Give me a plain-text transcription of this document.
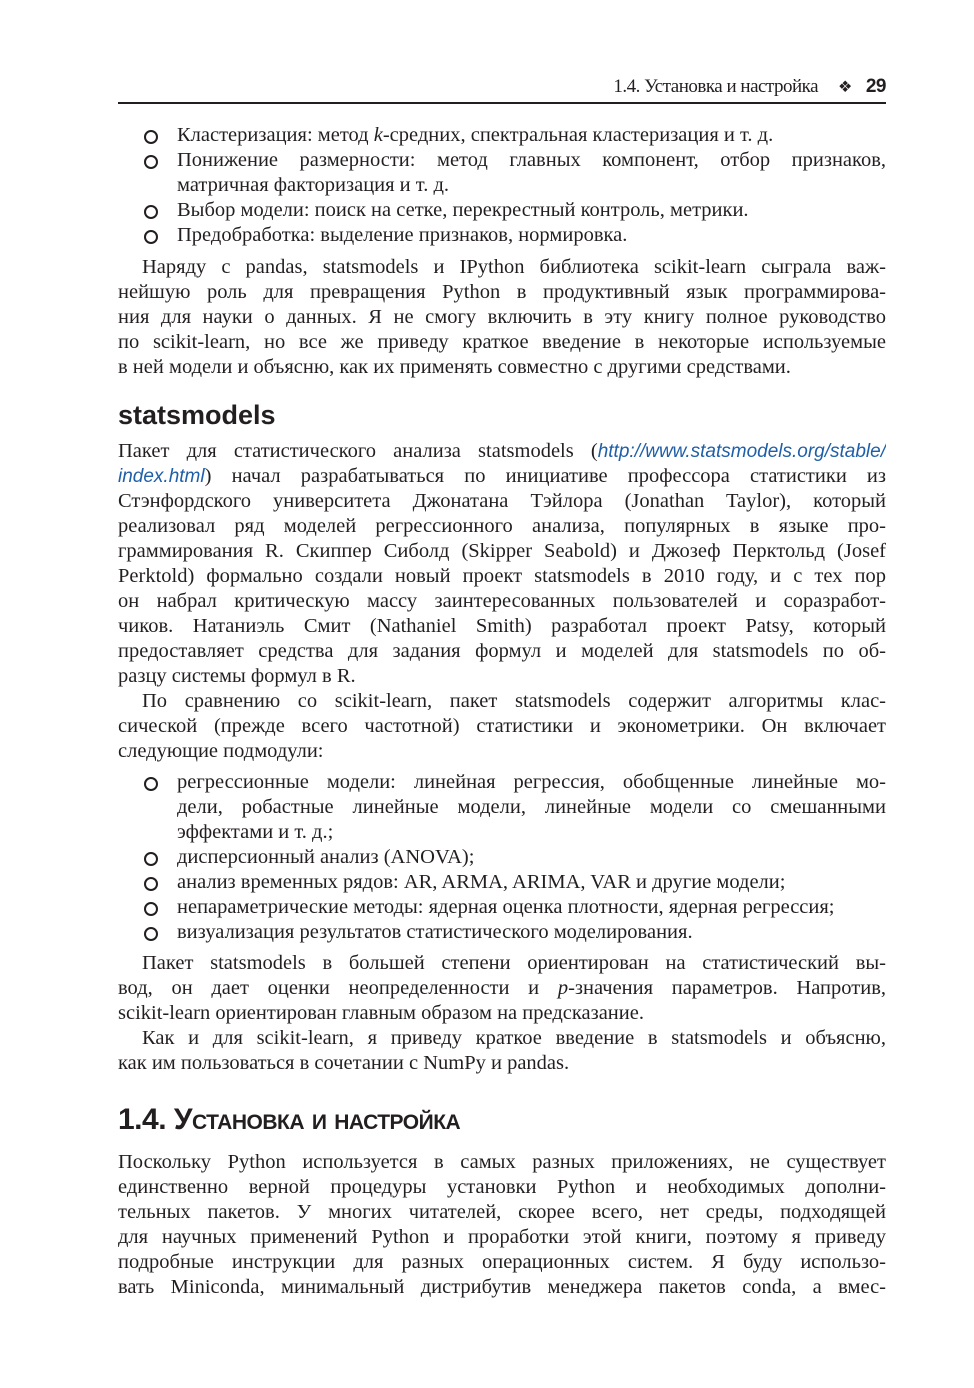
1.4. Установка и настройка ❖ 29
Кластеризация: метод k-средних, спектральная кластеризация и т. д.
Понижение размерности: метод главных компонент, отбор признаков,
матричная факторизация и т. д.
Выбор модели: поиск на сетке, перекрестный контроль, метрики.
Предобработка: выделение признаков, нормировка.
Наряду с pandas, statsmodels и IPython библиотека scikit-learn сыграла важ-
нейшую роль для превращения Python в продуктивный язык программирова-
ния для науки о данных. Я не смогу включить в эту книгу полное руководство
по scikit-learn, но все же приведу краткое введение в некоторые используемые
в ней модели и объясню, как их применять совместно с другими средствами.
statsmodels
Пакет для статистического анализа statsmodels (http://www.statsmodels.org/stable/
index.html) начал разрабатываться по инициативе профессора статистики из
Стэнфордского университета Джонатана Тэйлора (Jonathan Taylor), который
реализовал ряд моделей регрессионного анализа, популярных в языке про-
граммирования R. Скиппер Сиболд (Skipper Seabold) и Джозеф Перктольд (Josef
Perktold) формально создали новый проект statsmodels в 2010 году, и с тех пор
он набрал критическую массу заинтересованных пользователей и соразработ-
чиков. Натаниэль Смит (Nathaniel Smith) разработал проект Patsy, который
предоставляет средства для задания формул и моделей для statsmodels по об-
разцу системы формул в R.
По сравнению со scikit-learn, пакет statsmodels содержит алгоритмы клас-
сической (прежде всего частотной) статистики и эконометрики. Он включает
следующие подмодули:
регрессионные модели: линейная регрессия, обобщенные линейные мо-
дели, робастные линейные модели, линейные модели со смешанными
эффектами и т. д.;
дисперсионный анализ (ANOVA);
анализ временных рядов: AR, ARMA, ARIMA, VAR и другие модели;
непараметрические методы: ядерная оценка плотности, ядерная регрессия;
визуализация результатов статистического моделирования.
Пакет statsmodels в большей степени ориентирован на статистический вы-
вод, он дает оценки неопределенности и p-значения параметров. Напротив,
scikit-learn ориентирован главным образом на предсказание.
Как и для scikit-learn, я приведу краткое введение в statsmodels и объясню,
как им пользоваться в сочетании с NumPy и pandas.
1.4. Установка и настройка
Поскольку Python используется в самых разных приложениях, не существует
единственно верной процедуры установки Python и необходимых дополни-
тельных пакетов. У многих читателей, скорее всего, нет среды, подходящей
для научных применений Python и проработки этой книги, поэтому я приведу
подробные инструкции для разных операционных систем. Я буду использо-
вать Miniconda, минимальный дистрибутив менеджера пакетов conda, а вмес-
